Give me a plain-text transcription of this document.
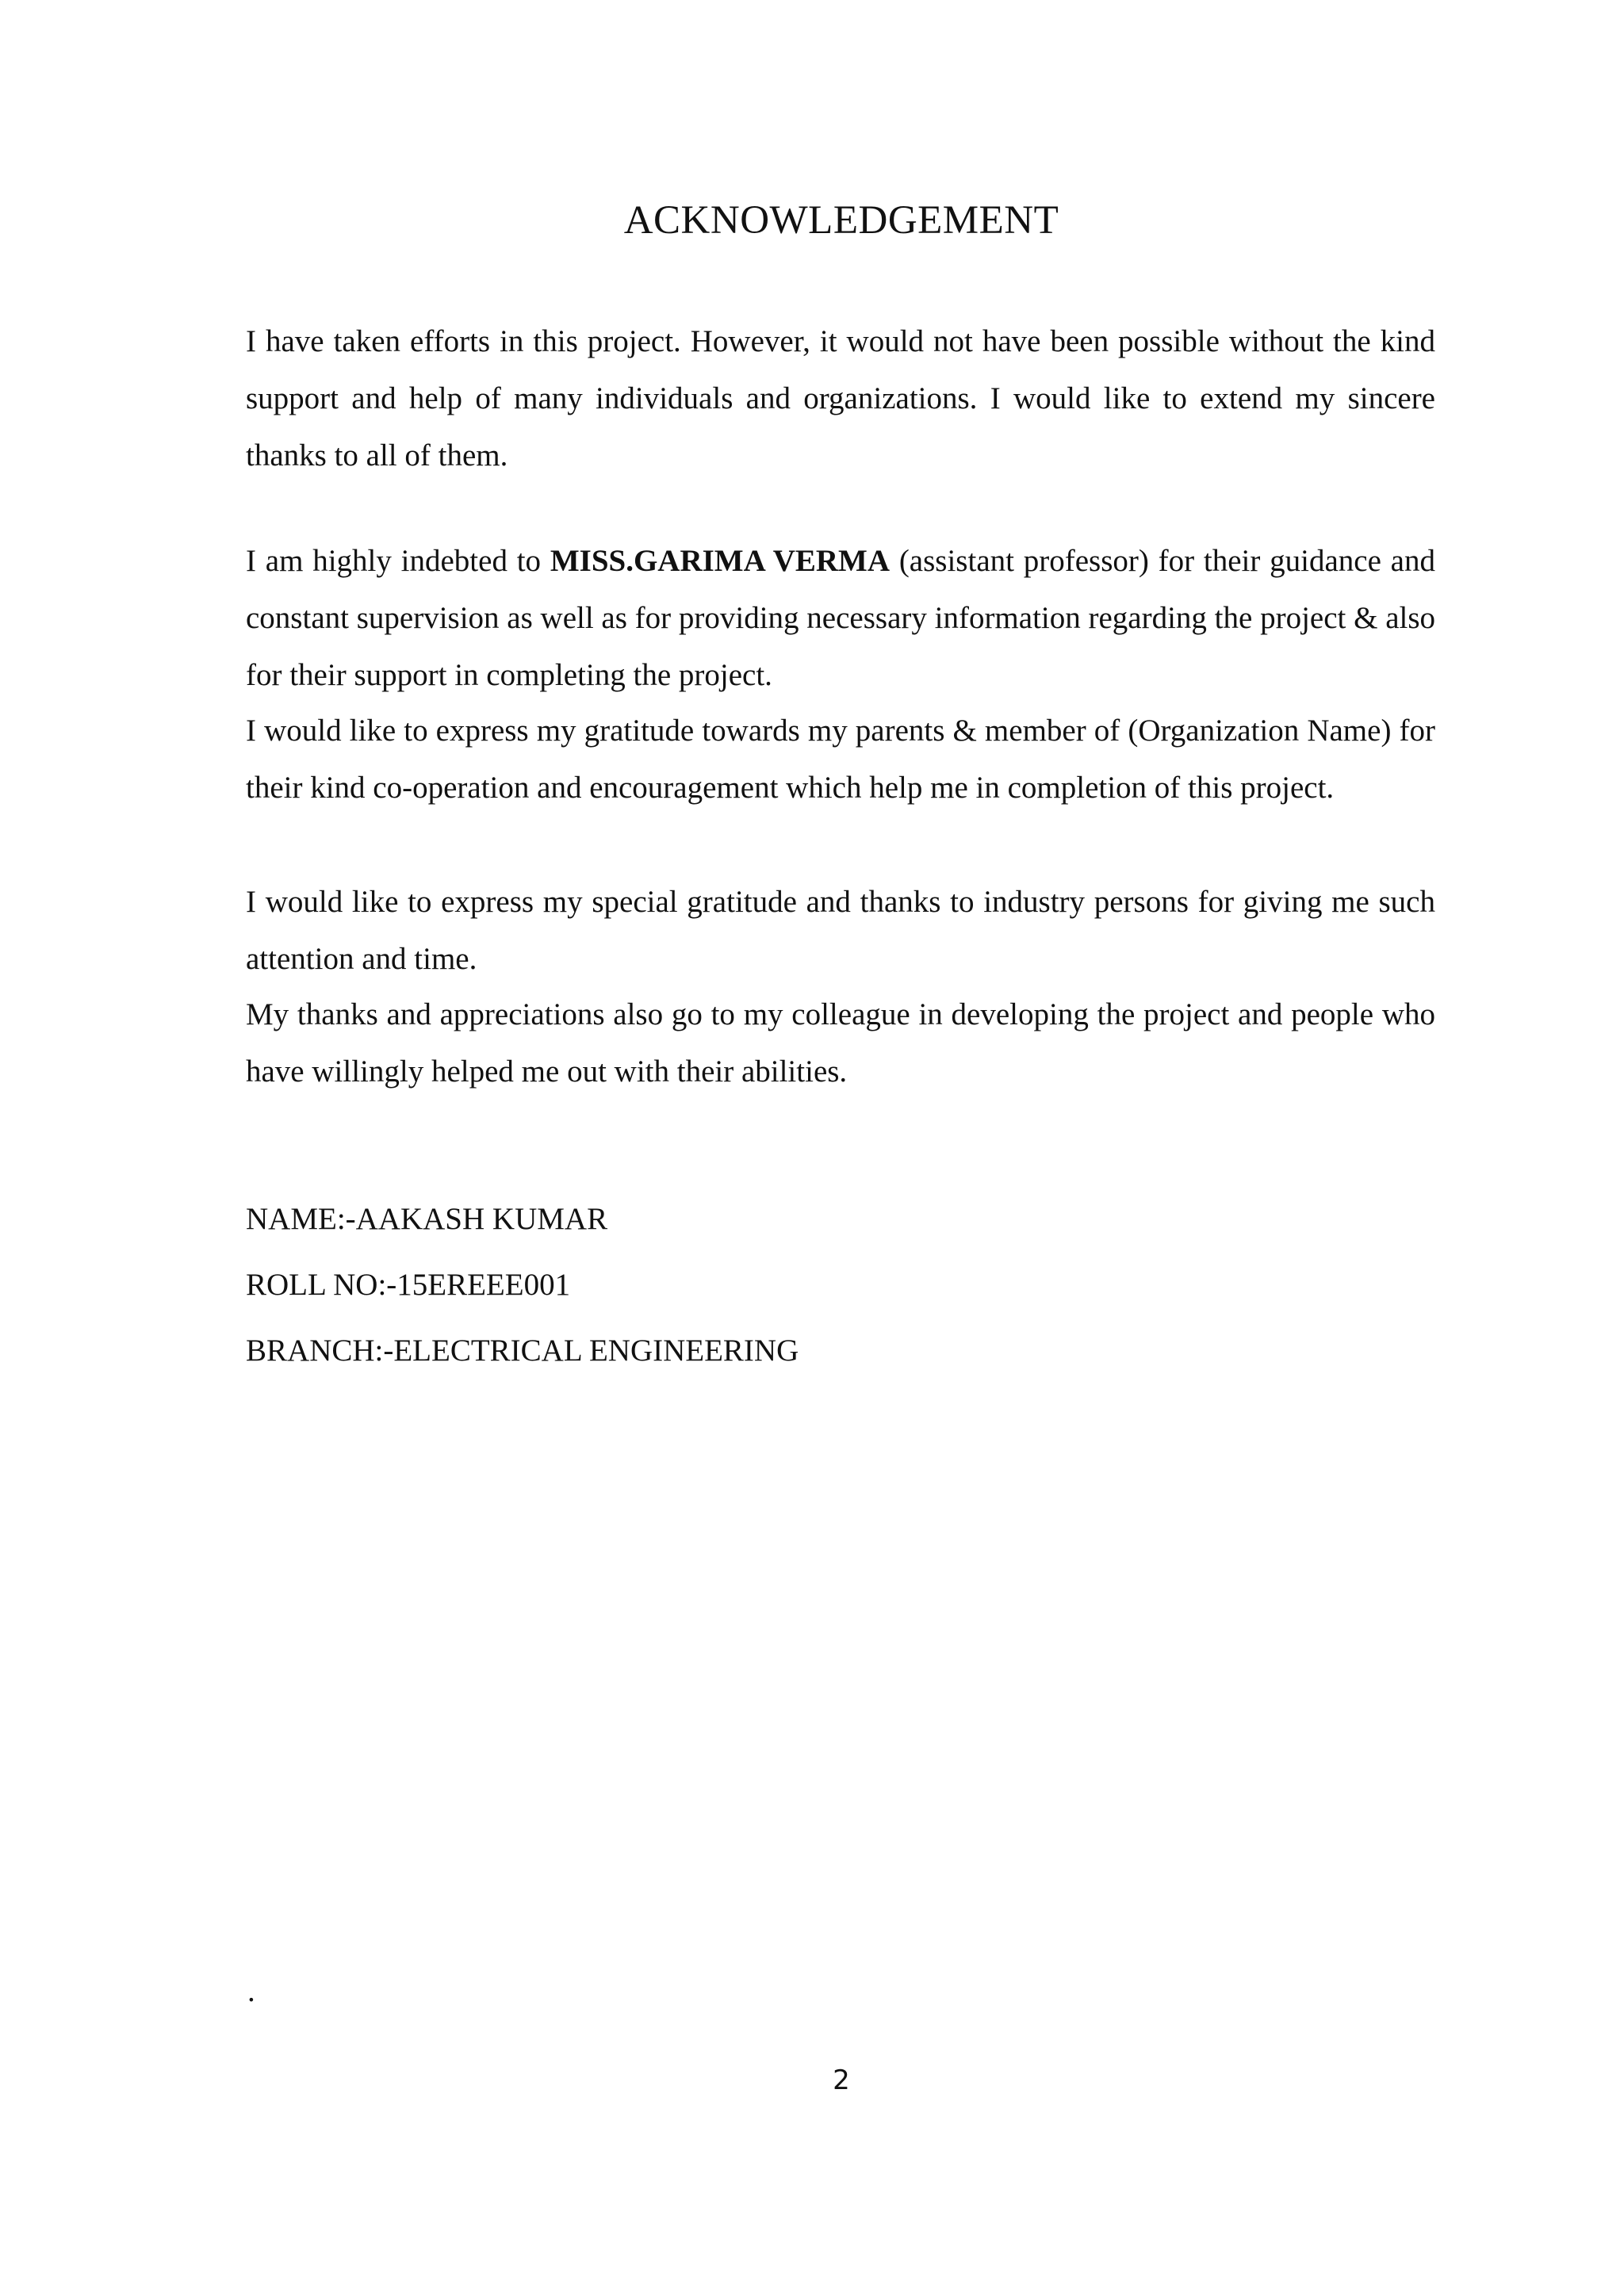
ACKNOWLEDGEMENT

I have taken efforts in this project. However, it would not have been possible without the kind support and help of many individuals and organizations. I would like to extend my sincere thanks to all of them.

I am highly indebted to MISS.GARIMA VERMA (assistant professor) for their guidance and constant supervision as well as for providing necessary information regarding the project & also for their support in completing the project.

I would like to express my gratitude towards my parents & member of (Organization Name) for their kind co-operation and encouragement which help me in completion of this project.

I would like to express my special gratitude and thanks to industry persons for giving me such attention and time.

My thanks and appreciations also go to my colleague in developing the project and people who have willingly helped me out with their abilities.

NAME:-AAKASH KUMAR

ROLL NO:-15EREEE001

BRANCH:-ELECTRICAL ENGINEERING

.

2
